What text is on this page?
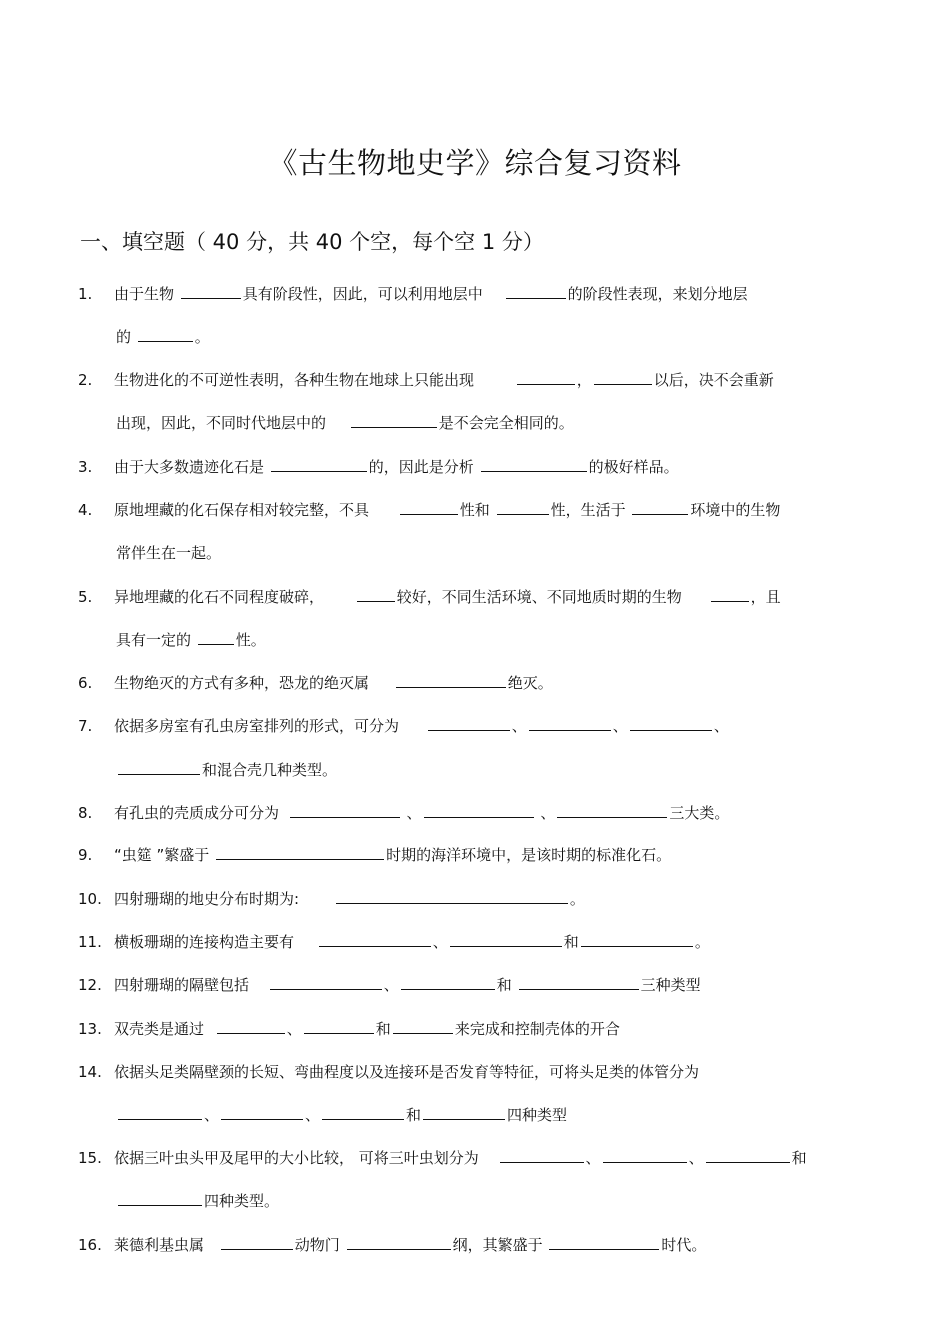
《古生物地史学》综合复习资料
一、填空题（ 40 分，共 40 个空，每个空 1 分）
1. 由于生物	具有阶段性，因此，可以利用地层中	的阶段性表现，来划分地层
的	。
2. 生物进化的不可逆性表明，各种生物在地球上只能出现	，	以后，决不会重新
出现，因此，不同时代地层中的	是不会完全相同的。
3. 由于大多数遗迹化石是	的，因此是分析	的极好样品。
4. 原地埋藏的化石保存相对较完整，不具	性和	性，生活于	环境中的生物
常伴生在一起。
5. 异地埋藏的化石不同程度破碎，	较好，不同生活环境、不同地质时期的生物	，且
具有一定的	性。
6. 生物绝灭的方式有多种，恐龙的绝灭属	绝灭。
7. 依据多房室有孔虫房室排列的形式，可分为	、	、	、
和混合壳几种类型。
8. 有孔虫的壳质成分可分为	、	、	三大类。
9. “虫筵 ”繁盛于	时期的海洋环境中，是该时期的标准化石。
10. 四射珊瑚的地史分布时期为:	。
11. 横板珊瑚的连接构造主要有	、	和	。
12. 四射珊瑚的隔壁包括	、	和	三种类型
13. 双壳类是通过	、	和	来完成和控制壳体的开合
14. 依据头足类隔壁颈的长短、弯曲程度以及连接环是否发育等特征，可将头足类的体管分为
、	、	和	四种类型
15. 依据三叶虫头甲及尾甲的大小比较， 可将三叶虫划分为	、	、	和
四种类型。
16. 莱德利基虫属	动物门	纲，其繁盛于	时代。
